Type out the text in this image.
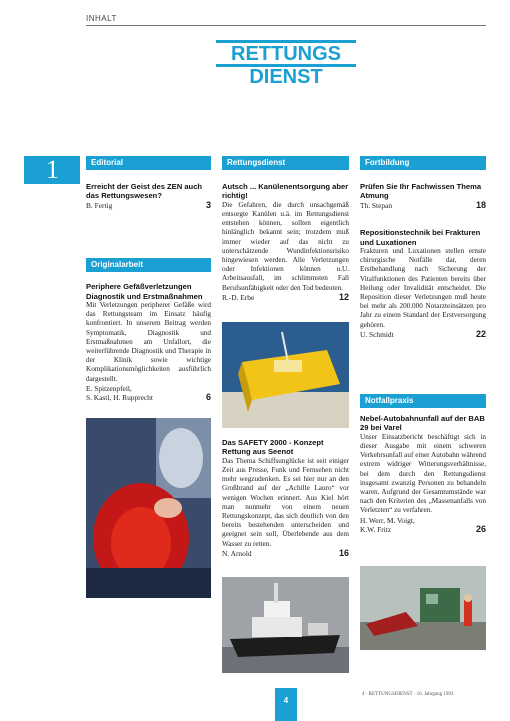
INHALT
RETTUNGS
DIENST
1	Editorial
Erreicht der Geist des ZEN auch das Rettungswesen?
B. Fertig	3
Originalarbeit
Periphere Gefäßverletzungen Diagnostik und Erstmaßnahmen
Mit Verletzungen peripherer Gefäße wird das Rettungsteam im Einsatz häufig konfrontiert. In unserem Beitrag werden Symptomatik, Diagnostik und Erstmaßnahmen am Unfallort, die weiterführende Diagnostik und Therapie in der Klinik sowie wichtige Komplikationsmöglichkeiten ausführlich dargestellt.
E. Spitzenpfeil,
S. Kastl, H. Rupprecht	6
Rettungsdienst
Autsch ... Kanülenentsorgung aber richtig!
Die Gefahren, die durch unsachgemäß entsorgte Kanülen u.ä. im Rettungsdienst entstehen können, sollten eigentlich hinlänglich bekannt sein; trotzdem muß immer wieder auf das nicht zu unterschätzende Wundinfektionsrisiko hingewiesen werden. Alle Verletzungen oder Infektionen können u.U. Arbeitsausfall, im schlimmsten Fall Berufsunfähigkeit oder den Tod bedeuten.
R.-D. Erbe	12
Das SAFETY 2000 - Konzept Rettung aus Seenot
Das Thema Schiffsunglücke ist seit einiger Zeit aus Presse, Funk und Fernsehen nicht mehr wegzudenken. Es sei hier nur an den Großbrand auf der „Achille Lauro“ vor wenigen Wochen erinnert. Aus Kiel hört man nunmehr von einem neuen Rettungskonzept, das sich deutlich von den bereits bestehenden unterscheiden und geeignet sein soll, Überlebende aus dem Wasser zu retten.
N. Arnold	16
Fortbildung
Prüfen Sie Ihr Fachwissen Thema Atmung
Th. Stepan	18
Repositionstechnik bei Frakturen und Luxationen
Frakturen und Luxationen stellen ernste chirurgische Notfälle dar, deren Erstbehandlung nach Sicherung der Vitalfunktionen des Patienten bereits über Heilung oder Invalidität entscheidet. Die Reposition dieser Verletzungen muß heute bei mehr als 200.000 Notarzteinsätzen pro Jahr zu einem Standard der Erstversorgung gehören.
U. Schmidt	22
Notfallpraxis
Nebel-Autobahnunfall auf der BAB 29 bei Varel
Unser Einsatzbericht beschäftigt sich in dieser Ausgabe mit einem schweren Verkehrsunfall auf einer Autobahn während extrem widriger Witterungsverhältnisse, bei dem durch den Rettungsdienst insgesamt zwanzig Personen zu behandeln waren. Aufgrund der Gesamtumstände war nach den Kriterien des „Massenanfalls von Verletzten“ zu verfahren.
H. Werr, M. Voigt,
K.W. Fritz	26
4
4 · RETTUNGSDIENST · 16. Jahrgang 1993
